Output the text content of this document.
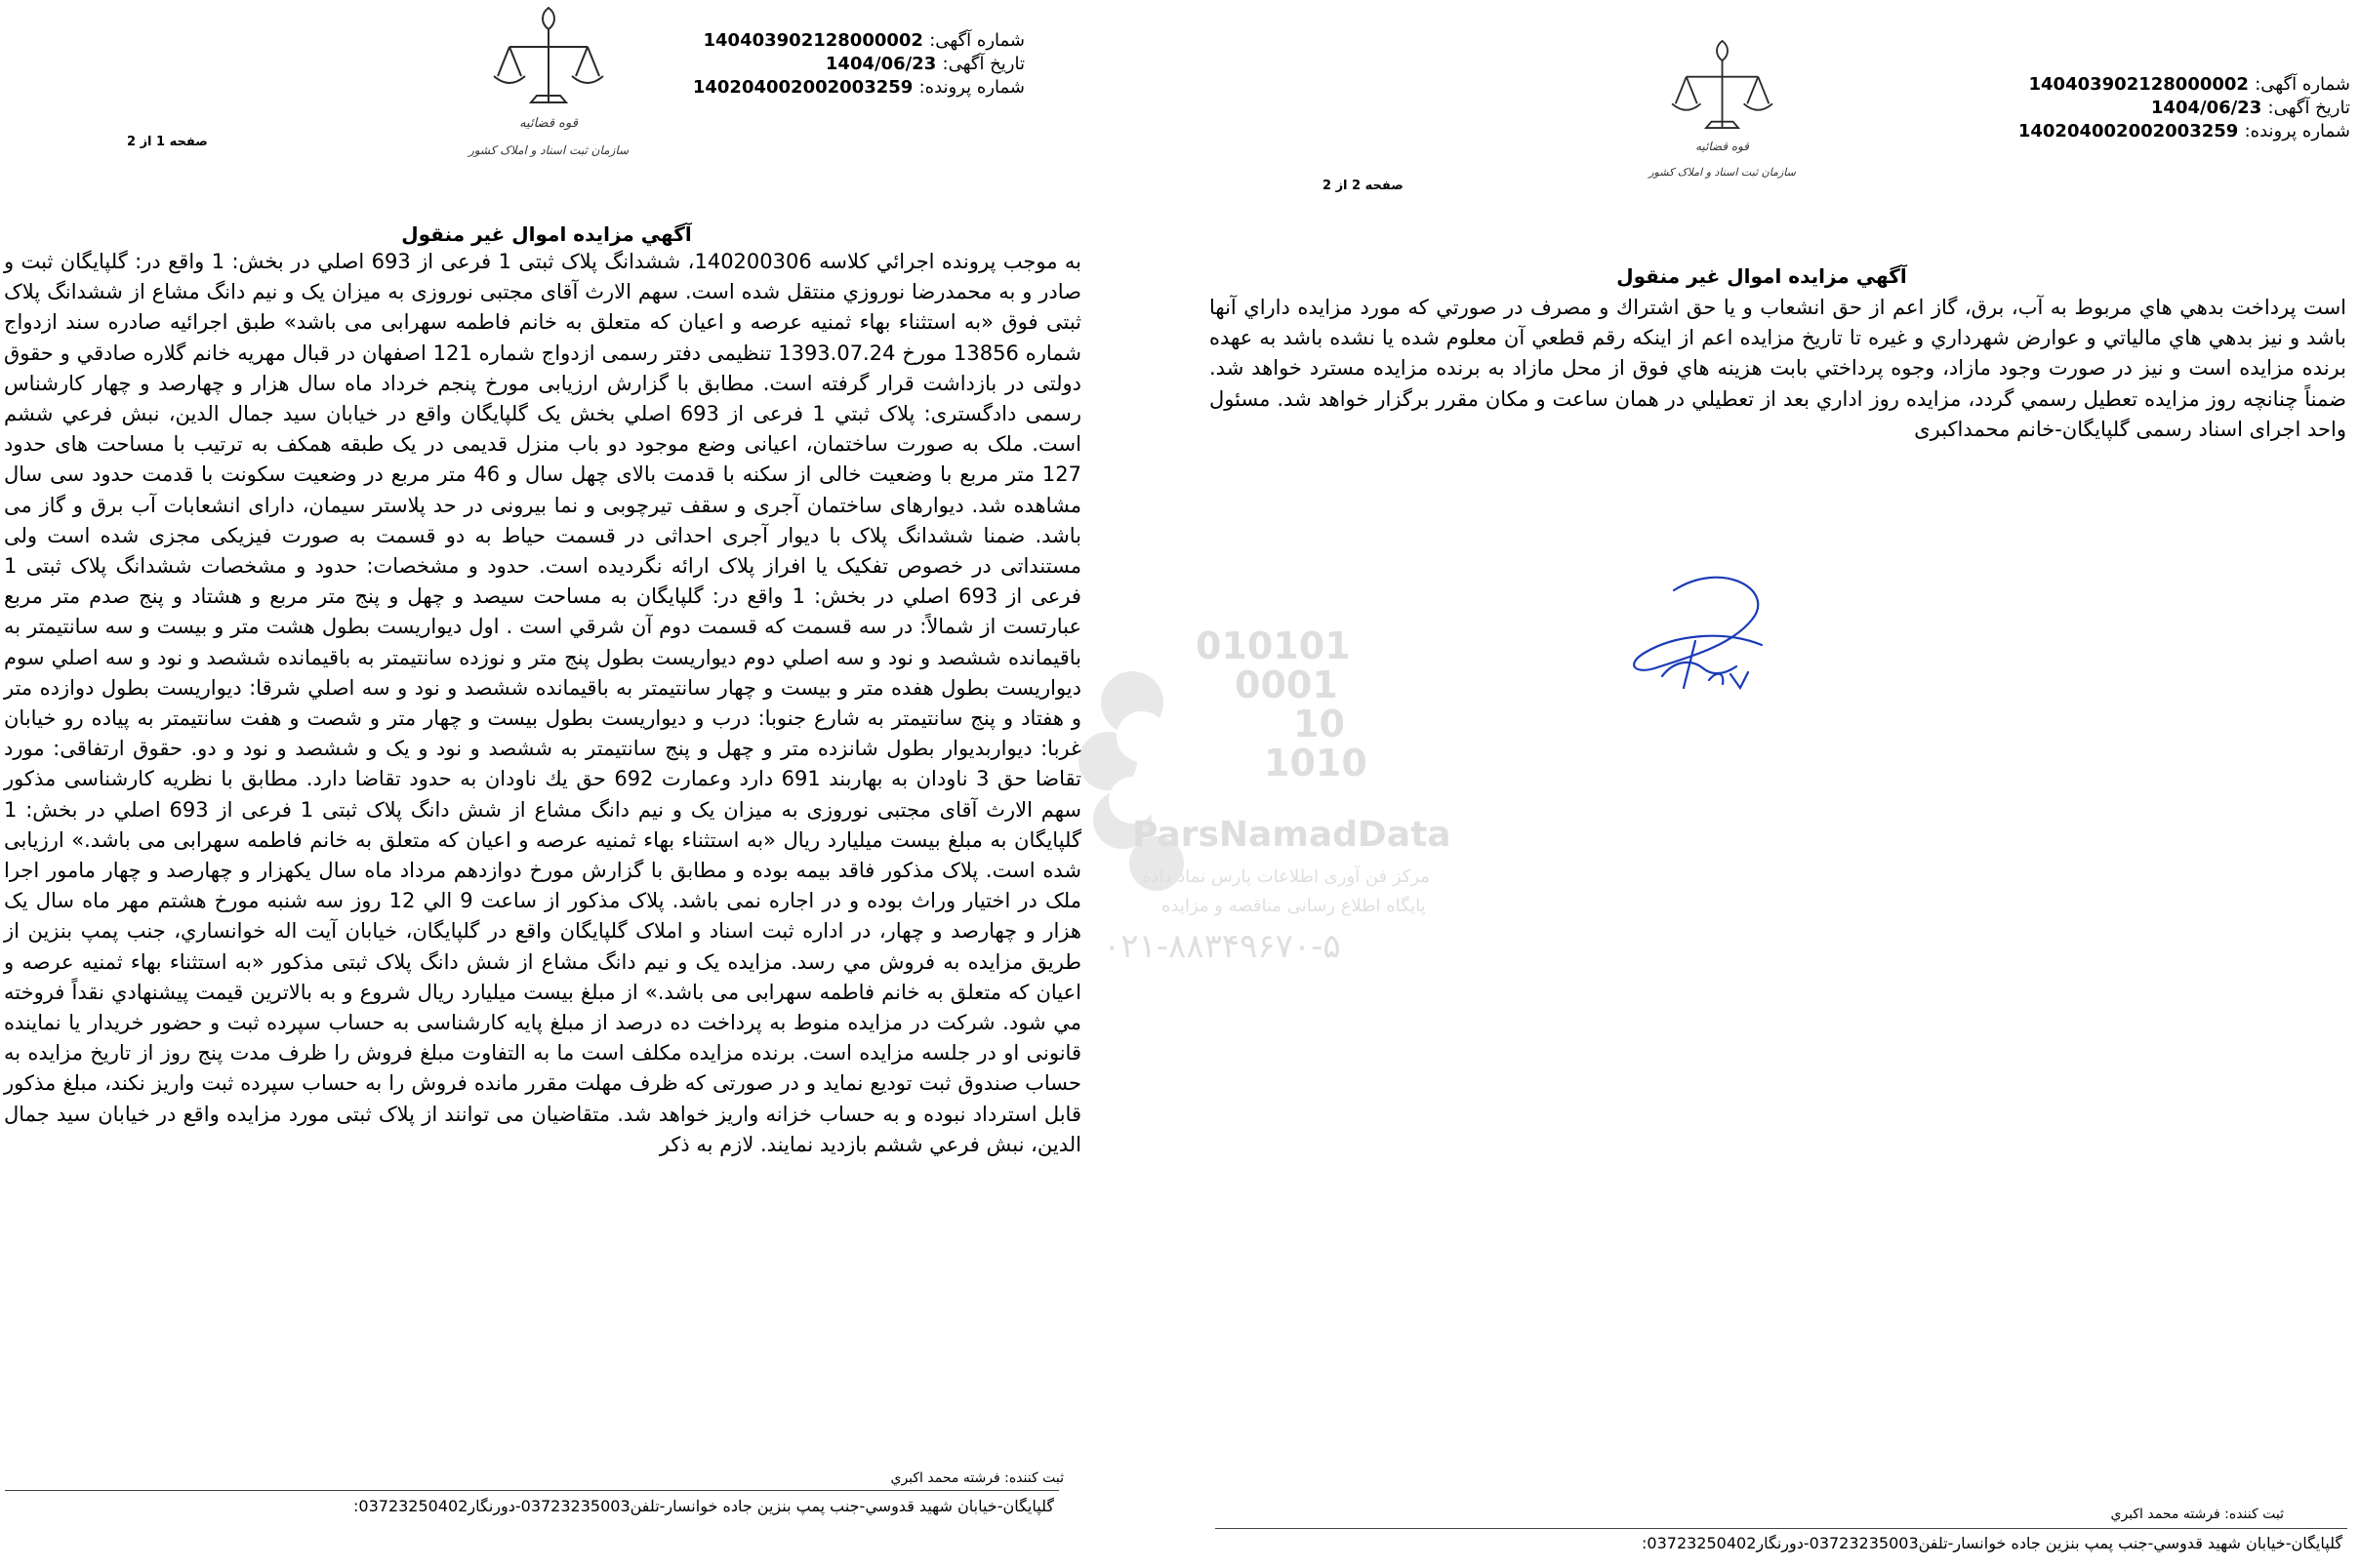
قوه قضائیه
سازمان ثبت اسناد و املاک کشور
شماره آگهی: 140403902128000002
تاریخ آگهی: 1404/06/23
شماره پرونده: 140204002002003259
صفحه 1 از 2
آگهي مزايده اموال غير منقول
به موجب پرونده اجرائي كلاسه 140200306، ششدانگ پلاک ثبتی 1 فرعی از 693 اصلي در بخش: 1 واقع در: گلپايگان ثبت و صادر و به محمدرضا نوروزي منتقل شده است. سهم الارث آقای مجتبی نوروزی به ميزان يک و نيم دانگ مشاع از ششدانگ پلاک ثبتی فوق «به استثناء بهاء ثمنيه عرصه و اعيان كه متعلق به خانم فاطمه سهرابی می باشد» طبق اجرائيه صادره سند ازدواج شماره 13856 مورخ 1393.07.24 تنظيمی دفتر رسمی ازدواج شماره 121 اصفهان در قبال مهريه خانم گلاره صادقي و حقوق دولتی در بازداشت قرار گرفته است. مطابق با گزارش ارزيابی مورخ پنجم خرداد ماه سال هزار و چهارصد و چهار كارشناس رسمی دادگستری: پلاک ثبتي 1 فرعی از 693 اصلي بخش يک گلپايگان واقع در خيابان سيد جمال الدين، نبش فرعي ششم است. ملک به صورت ساختمان، اعيانی وضع موجود دو باب منزل قديمی در يک طبقه همكف به ترتيب با مساحت های حدود 127 متر مربع با وضعيت خالی از سكنه با قدمت بالای چهل سال و 46 متر مربع در وضعيت سكونت با قدمت حدود سی سال مشاهده شد. ديوارهای ساختمان آجری و سقف تيرچوبی و نما بيرونی در حد پلاستر سيمان، دارای انشعابات آب برق و گاز می باشد. ضمنا ششدانگ پلاک با ديوار آجری احداثی در قسمت حياط به دو قسمت به صورت فيزيكی مجزی شده است ولی مستنداتی در خصوص تفكيک يا افراز پلاک ارائه نگرديده است. حدود و مشخصات: حدود و مشخصات ششدانگ پلاک ثبتی 1 فرعی از 693 اصلي در بخش: 1 واقع در: گلپايگان به مساحت سيصد و چهل و پنج متر مربع و هشتاد و پنج صدم متر مربع عبارتست از شمالاً: در سه قسمت كه قسمت دوم آن شرقي است . اول ديواريست بطول هشت متر و بيست و سه سانتيمتر به باقيمانده ششصد و نود و سه اصلي دوم ديواريست بطول پنج متر و نوزده سانتيمتر به باقيمانده ششصد و نود و سه اصلي سوم ديواريست بطول هفده متر و بيست و چهار سانتيمتر به باقيمانده ششصد و نود و سه اصلي شرقا: ديواريست بطول دوازده متر و هفتاد و پنج سانتيمتر به شارع جنوبا: درب و ديواريست بطول بيست و چهار متر و شصت و هفت سانتيمتر به پياده رو خيابان غربا: ديواربديوار بطول شانزده متر و چهل و پنج سانتيمتر به ششصد و نود و يک و ششصد و نود و دو. حقوق ارتفاقی: مورد تقاضا حق 3 ناودان به بهاربند 691 دارد وعمارت 692 حق يك ناودان به حدود تقاضا دارد. مطابق با نظريه كارشناسی مذكور سهم الارث آقای مجتبی نوروزی به ميزان يک و نيم دانگ مشاع از شش دانگ پلاک ثبتی 1 فرعی از 693 اصلي در بخش: 1 گلپايگان به مبلغ بيست ميليارد ريال «به استثناء بهاء ثمنيه عرصه و اعيان كه متعلق به خانم فاطمه سهرابی می باشد.» ارزيابی شده است. پلاک مذكور فاقد بيمه بوده و مطابق با گزارش مورخ دوازدهم مرداد ماه سال يكهزار و چهارصد و چهار مامور اجرا ملک در اختيار وراث بوده و در اجاره نمی باشد. پلاک مذكور از ساعت 9 الي 12 روز سه شنبه مورخ هشتم مهر ماه سال يک هزار و چهارصد و چهار، در اداره ثبت اسناد و املاک گلپايگان واقع در گلپايگان، خيابان آيت اله خوانساري، جنب پمپ بنزين از طريق مزايده به فروش مي رسد. مزايده يک و نيم دانگ مشاع از شش دانگ پلاک ثبتی مذكور «به استثناء بهاء ثمنيه عرصه و اعيان كه متعلق به خانم فاطمه سهرابی می باشد.» از مبلغ بيست ميليارد ريال شروع و به بالاترين قيمت پيشنهادي نقداً فروخته مي شود. شركت در مزايده منوط به پرداخت ده درصد از مبلغ پايه كارشناسی به حساب سپرده ثبت و حضور خريدار يا نماينده قانونی او در جلسه مزايده است. برنده مزايده مكلف است ما به التفاوت مبلغ فروش را ظرف مدت پنج روز از تاريخ مزايده به حساب صندوق ثبت توديع نمايد و در صورتی كه ظرف مهلت مقرر مانده فروش را به حساب سپرده ثبت واريز نكند، مبلغ مذكور قابل استرداد نبوده و به حساب خزانه واريز خواهد شد. متقاضيان می توانند از پلاک ثبتی مورد مزايده واقع در خيابان سيد جمال الدين، نبش فرعي ششم بازديد نمايند. لازم به ذكر
ثبت كننده: فرشته محمد اكبري
گلپايگان-خيابان شهيد قدوسي-جنب پمپ بنزين جاده خوانسار-تلفن03723235003-دورنگار03723250402:
010101
0001
10
1010
ParsNamadData
مرکز فن آوری اطلاعات پارس نماد داده
پایگاه اطلاع رسانی مناقصه و مزایده
۰۲۱-۸۸۳۴۹۶۷۰-۵
قوه قضائیه
سازمان ثبت اسناد و املاک کشور
شماره آگهی: 140403902128000002
تاریخ آگهی: 1404/06/23
شماره پرونده: 140204002002003259
صفحه 2 از 2
آگهي مزايده اموال غير منقول
است پرداخت بدهي هاي مربوط به آب، برق، گاز اعم از حق انشعاب و يا حق اشتراك و مصرف در صورتي كه مورد مزايده داراي آنها باشد و نيز بدهي هاي مالياتي و عوارض شهرداري و غيره تا تاريخ مزايده اعم از اينكه رقم قطعي آن معلوم شده يا نشده باشد به عهده برنده مزايده است و نيز در صورت وجود مازاد، وجوه پرداختي بابت هزينه هاي فوق از محل مازاد به برنده مزايده مسترد خواهد شد. ضمناً چنانچه روز مزايده تعطيل رسمي گردد، مزايده روز اداري بعد از تعطيلي در همان ساعت و مكان مقرر برگزار خواهد شد. مسئول واحد اجرای اسناد رسمی گلپايگان-خانم محمداكبری
ثبت كننده: فرشته محمد اكبري
گلپايگان-خيابان شهيد قدوسي-جنب پمپ بنزين جاده خوانسار-تلفن03723235003-دورنگار03723250402:
